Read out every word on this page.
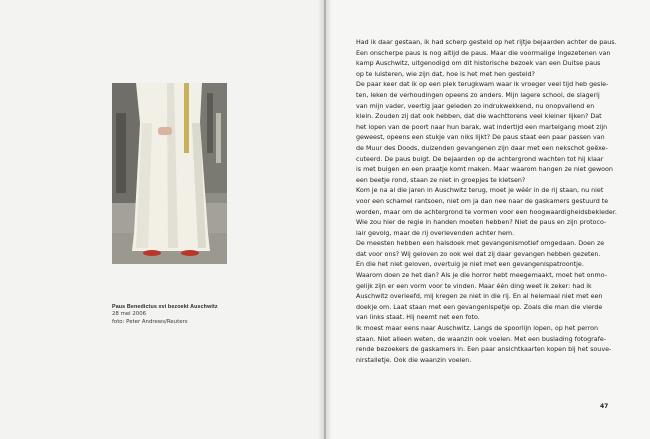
Paus Benedictus xvi bezoekt Auschwitz
28 mei 2006
foto: Peter Andrews/Reuters
Had ik daar gestaan, ik had scherp gesteld op het rijtje bejaarden achter de paus.
Een onscherpe paus is nog altijd de paus. Maar die voormalige ingezetenen van
kamp Auschwitz, uitgenodigd om dit historische bezoek van een Duitse paus
op te luisteren, wie zijn dat, hoe is het met hen gesteld?
De paar keer dat ik op een plek terugkwam waar ik vroeger veel tijd heb geslе-
ten, leken de verhoudingen opeens zo anders. Mijn lagere school, de slagerij
van mijn vader, veertig jaar geleden zo indrukwekkend, nu onopvallend en
klein. Zouden zij dat ook hebben, dat die wachttorens veel kleiner lijken? Dat
het lopen van de poort naar hun barak, wat indertijd een martelgang moet zijn
geweest, opeens een stukje van niks lijkt? De paus staat een paar passen van
de Muur des Doods, duizenden gevangenen zijn daar met een nekschot geëxe-
cuteerd. De paus buigt. De bejaarden op de achtergrond wachten tot hij klaar
is met buigen en een praatje komt maken. Maar waarom hangen ze niet gewoon
een beetje rond, staan ze niet in groepjes te kletsen?
Kom je na al die jaren in Auschwitz terug, moet je wéér in de rij staan, nu niet
voor een schamel rantsoen, niet om ja dan nee naar de gaskamers gestuurd te
worden, maar om de achtergrond te vormen voor een hoogwaardigheidsbekleder.
Wie zou hier de regie in handen moeten hebben? Niet de paus en zijn protoco-
lair gevolg, maar de rij overlevenden achter hem.
De meesten hebben een halsdoek met gevangenismotief omgedaan. Doen ze
dat voor ons? Wij geloven zo ook wel dat zij daar gevangen hebben gezeten.
En die het niet geloven, overtuig je niet met een gevangenispatroontje.
Waarom doen ze het dan? Als je die horror hebt meegemaakt, moet het onmo-
gelijk zijn er een vorm voor te vinden. Maar één ding weet ik zeker: had ik
Auschwitz overleefd, mij kregen ze niet in die rij. En al helemaal niet met een
doekje om. Laat staan met een gevangenispetje op. Zoals die man die vierde
van links staat. Hij neemt net een foto.
Ik moest maar eens naar Auschwitz. Langs de spoorlijn lopen, op het perron
staan. Niet alleen weten, de waanzin ook voelen. Met een buslading fotografe-
rende bezoekers de gaskamers in. Een paar ansichtkaarten kopen bij het souve-
nirstalletje. Ook die waanzin voelen.
47
